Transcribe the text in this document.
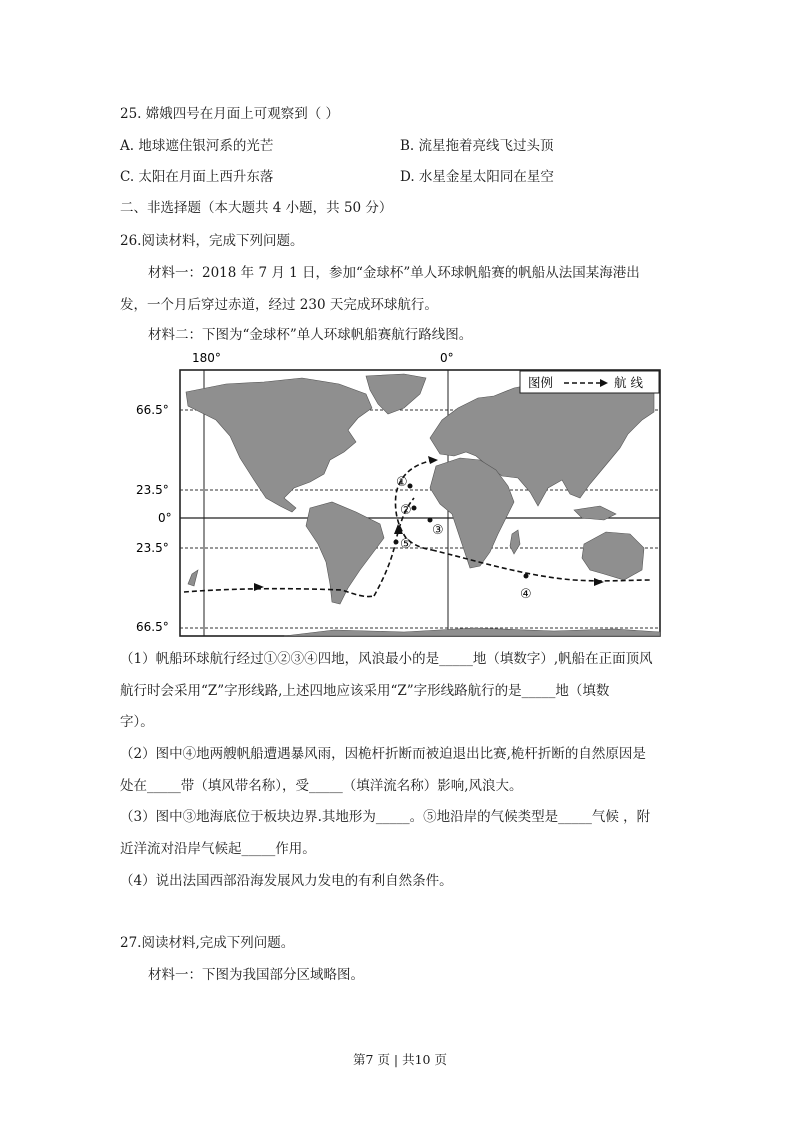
25. 嫦娥四号在月面上可观察到（ ）
A. 地球遮住银河系的光芒	B. 流星拖着亮线飞过头顶
C. 太阳在月面上西升东落	D. 水星金星太阳同在星空
二、非选择题（本大题共 4 小题，共 50 分）
26.阅读材料，完成下列问题。
材料一：2018 年 7 月 1 日，参加“金球杯”单人环球帆船赛的帆船从法国某海港出
发，一个月后穿过赤道，经过 230 天完成环球航行。
材料二：下图为“金球杯”单人环球帆船赛航行路线图。
180°	0°
66.5°
23.5°
0°
23.5°
66.5°
①
②
③
④
⑤
图例	航 线
（1）帆船环球航行经过①②③④四地，风浪最小的是_____地（填数字）,帆船在正面顶风
航行时会采用“Z”字形线路,上述四地应该采用“Z”字形线路航行的是_____地（填数
字）。
（2）图中④地两艘帆船遭遇暴风雨，因桅杆折断而被迫退出比赛,桅杆折断的自然原因是
处在_____带（填风带名称），受_____（填洋流名称）影响,风浪大。
（3）图中③地海底位于板块边界.其地形为_____。⑤地沿岸的气候类型是_____气候 ，附
近洋流对沿岸气候起_____作用。
（4）说出法国西部沿海发展风力发电的有利自然条件。
27.阅读材料,完成下列问题。
材料一：下图为我国部分区域略图。
第7 页 | 共10 页
